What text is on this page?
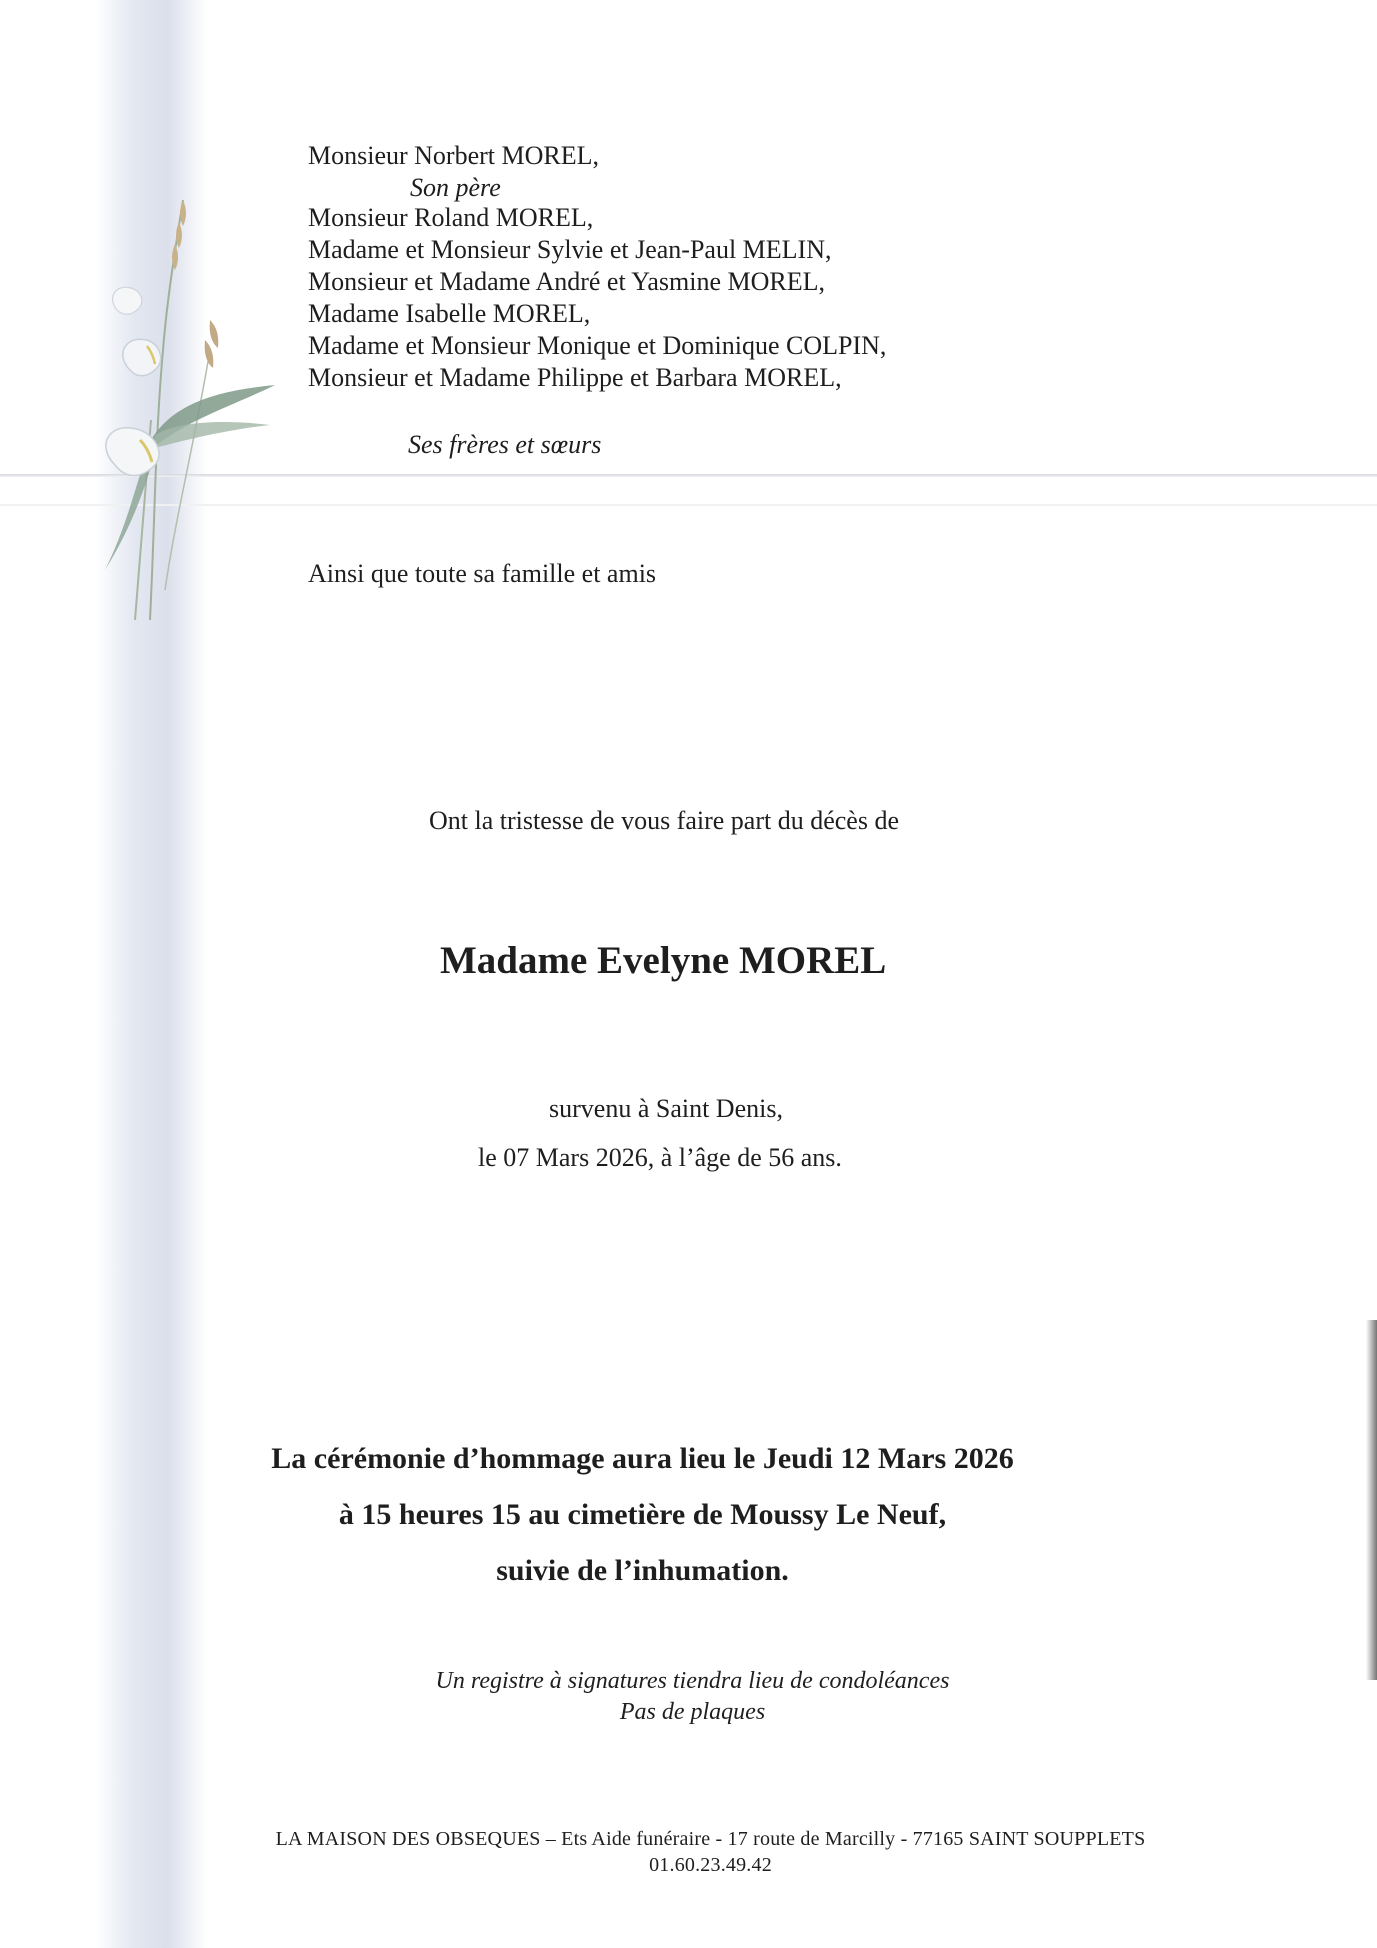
Monsieur Norbert MOREL,

Son père

Monsieur Roland MOREL,
Madame et Monsieur Sylvie et Jean-Paul MELIN,
Monsieur et Madame André et Yasmine MOREL,
Madame Isabelle MOREL,
Madame et Monsieur Monique et Dominique COLPIN,
Monsieur et Madame Philippe et Barbara MOREL,

Ses frères et sœurs

Ainsi que toute sa famille et amis

Ont la tristesse de vous faire part du décès de

Madame Evelyne MOREL

survenu à Saint Denis,

le 07 Mars 2026, à l’âge de 56 ans.

La cérémonie d’hommage aura lieu le Jeudi 12 Mars 2026
à 15 heures 15 au cimetière de Moussy Le Neuf,
suivie de l’inhumation.
Un registre à signatures tiendra lieu de condoléances
Pas de plaques
LA MAISON DES OBSEQUES – Ets Aide funéraire - 17 route de Marcilly - 77165 SAINT SOUPPLETS
01.60.23.49.42
